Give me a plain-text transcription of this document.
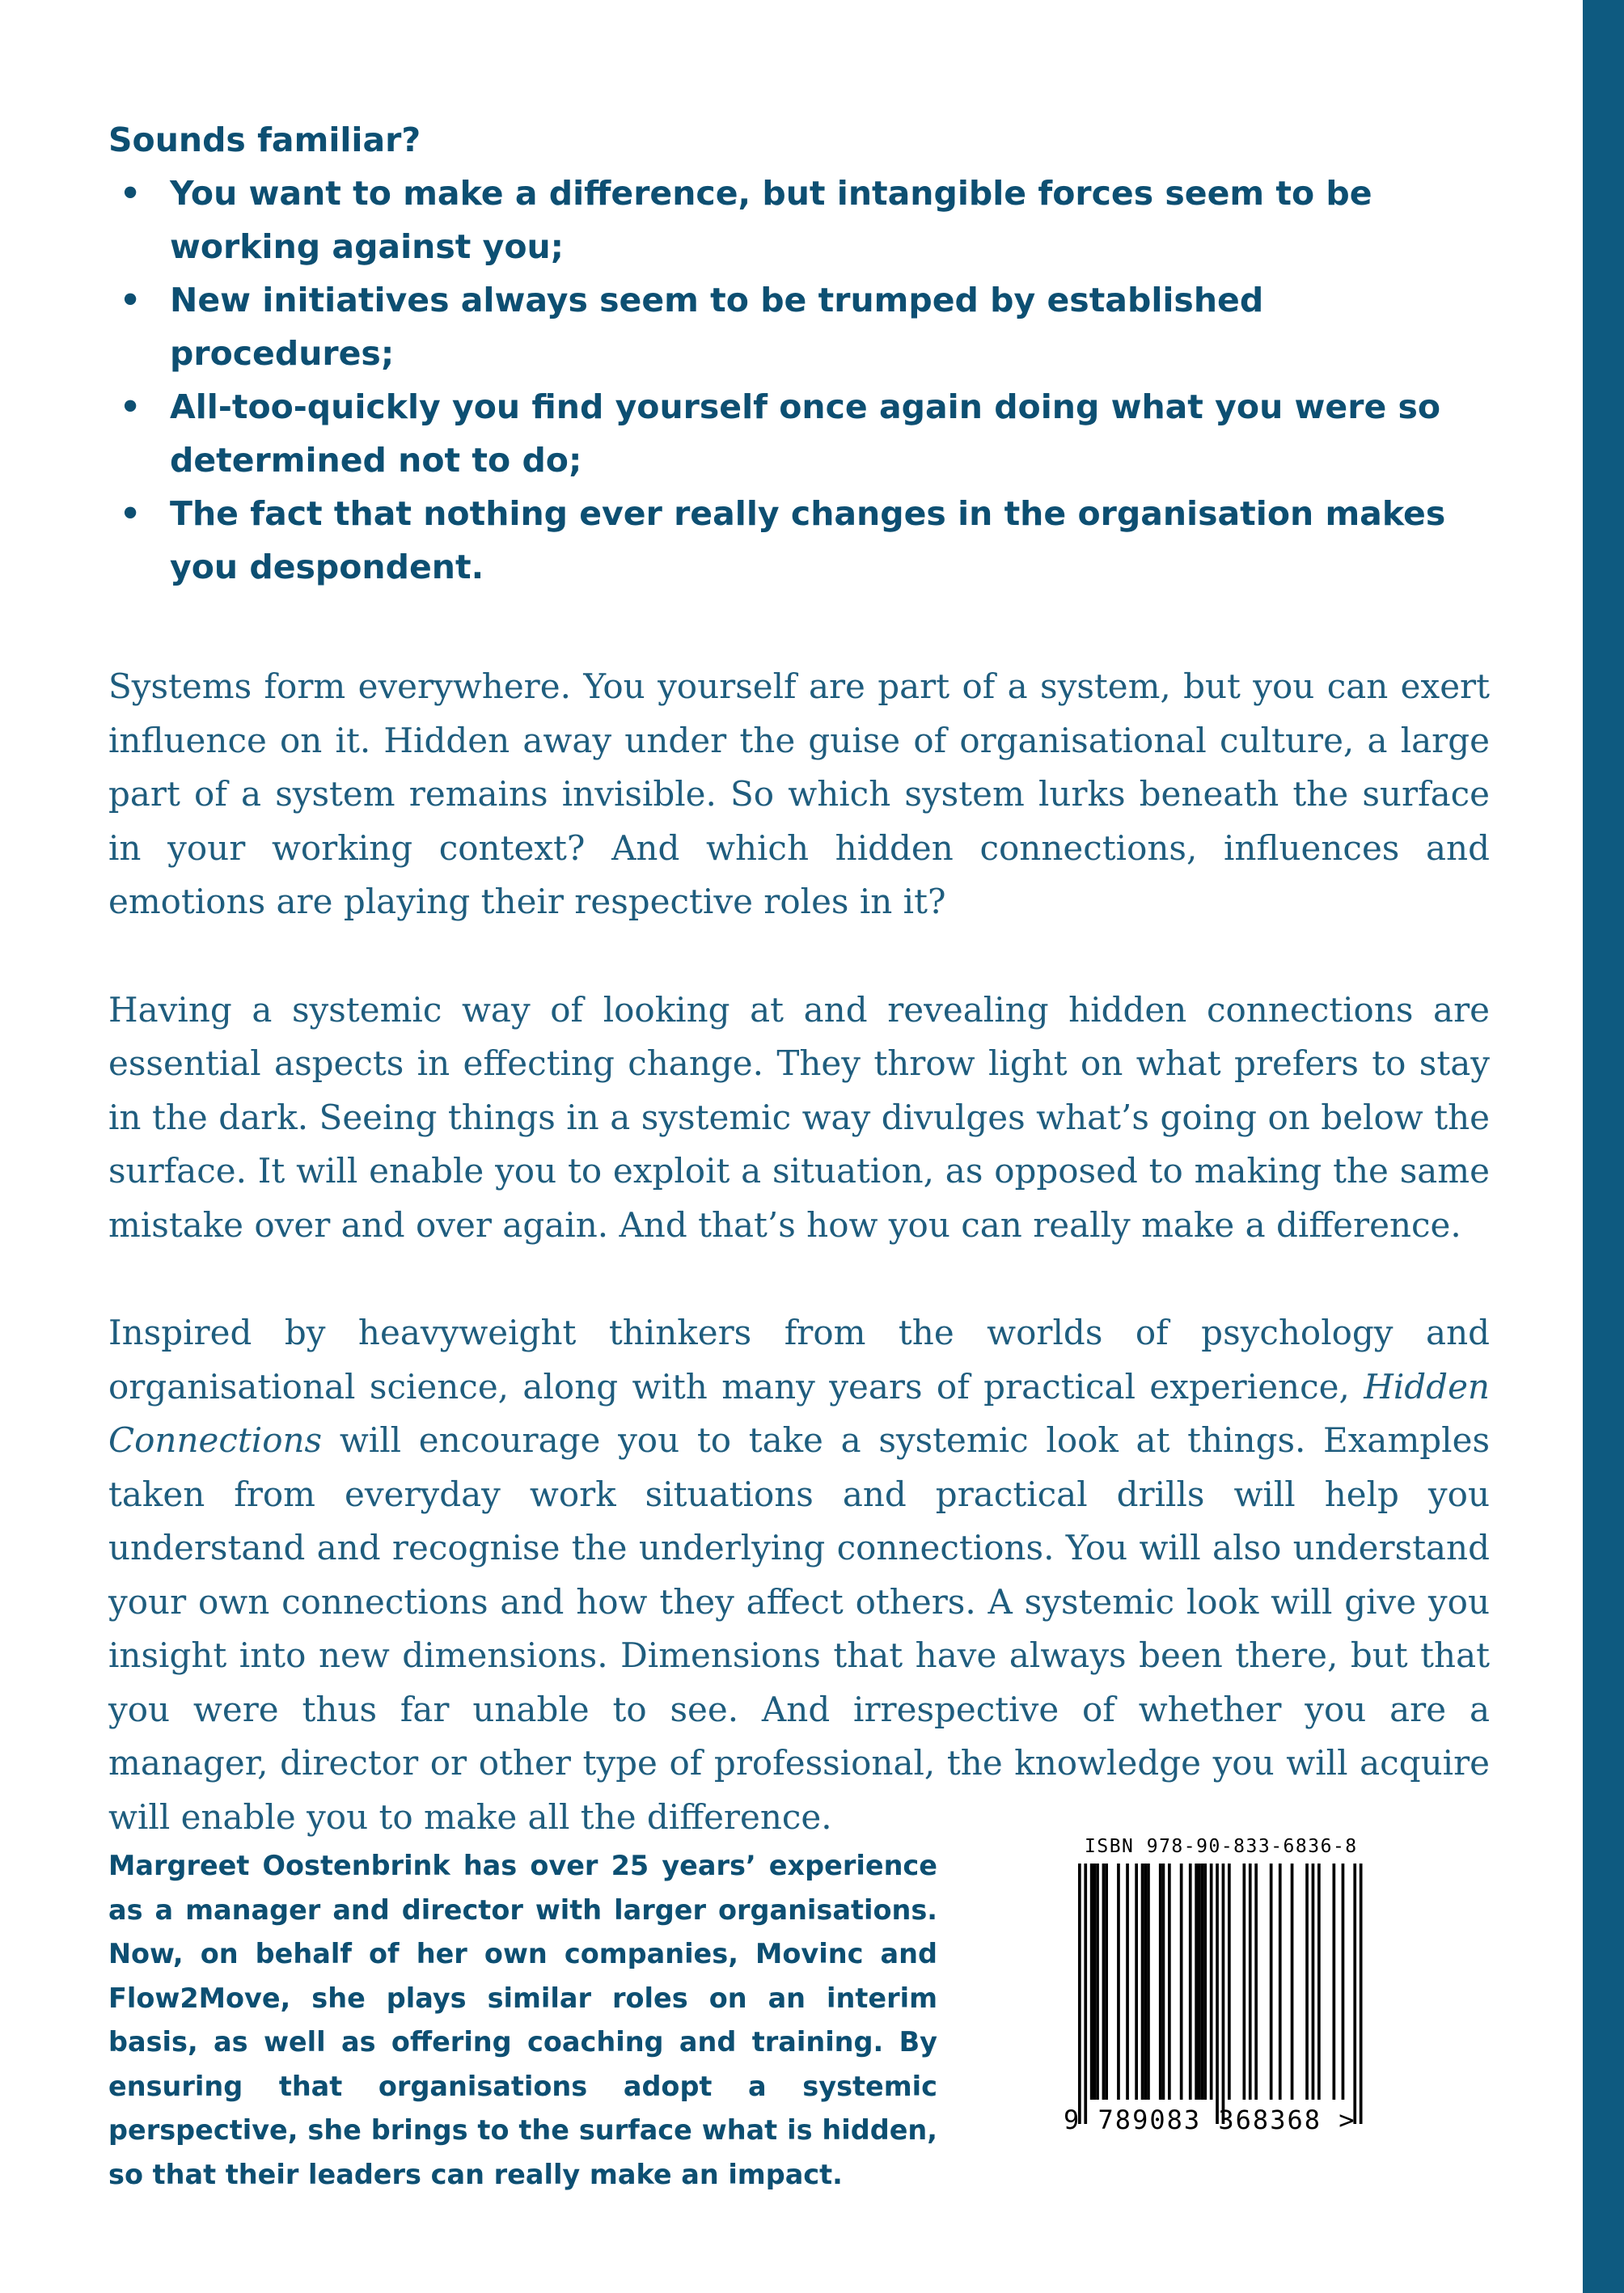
Sounds familiar?

• You want to make a difference, but intangible forces seem to be working against you;
• New initiatives always seem to be trumped by established procedures;
• All-too-quickly you find yourself once again doing what you were so determined not to do;
• The fact that nothing ever really changes in the organisation makes you despondent.

Systems form everywhere. You yourself are part of a system, but you can exert influence on it. Hidden away under the guise of organisational culture, a large part of a system remains invisible. So which system lurks beneath the surface in your working context? And which hidden connections, influences and emotions are playing their respective roles in it?

Having a systemic way of looking at and revealing hidden connections are essential aspects in effecting change. They throw light on what prefers to stay in the dark. Seeing things in a systemic way divulges what’s going on below the surface. It will enable you to exploit a situation, as opposed to making the same mistake over and over again. And that’s how you can really make a difference.

Inspired by heavyweight thinkers from the worlds of psychology and organisational science, along with many years of practical experience, Hidden Connections will encourage you to take a systemic look at things. Examples taken from everyday work situations and practical drills will help you understand and recognise the underlying connections. You will also understand your own connections and how they affect others. A systemic look will give you insight into new dimensions. Dimensions that have always been there, but that you were thus far unable to see. And irrespective of whether you are a manager, director or other type of professional, the knowledge you will acquire will enable you to make all the difference.

Margreet Oostenbrink has over 25 years’ experience as a manager and director with larger organisations. Now, on behalf of her own companies, Movinc and Flow2Move, she plays similar roles on an interim basis, as well as offering coaching and training. By ensuring that organisations adopt a systemic perspective, she brings to the surface what is hidden, so that their leaders can really make an impact.

ISBN 978-90-833-6836-8
9 789083 368368 >
